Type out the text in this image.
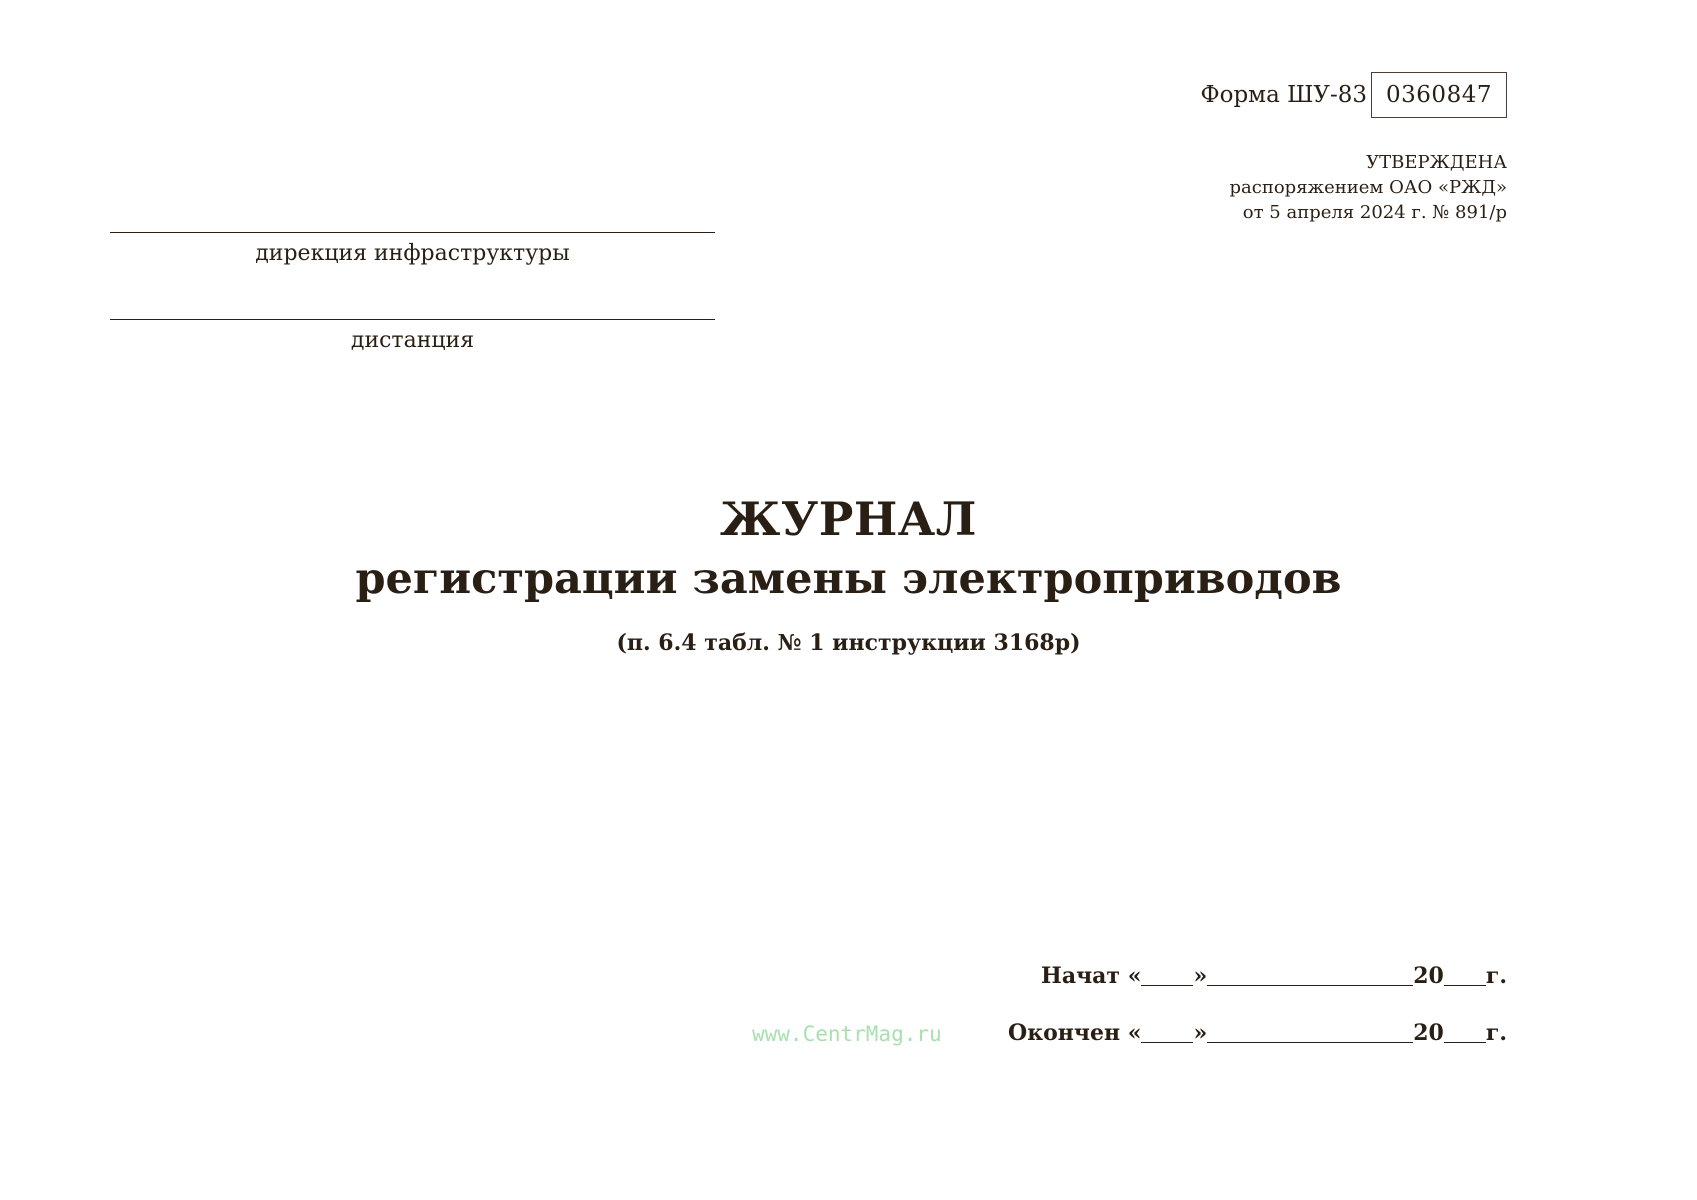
Форма ШУ-83 0360847
УТВЕРЖДЕНА
распоряжением ОАО «РЖД»
от 5 апреля 2024 г. № 891/р
дирекция инфраструктуры
дистанция
ЖУРНАЛ
регистрации замены электроприводов
(п. 6.4 табл. № 1 инструкции 3168р)
Начат « »	20 г.
Окончен « »	20 г.
www.CentrMag.ru
